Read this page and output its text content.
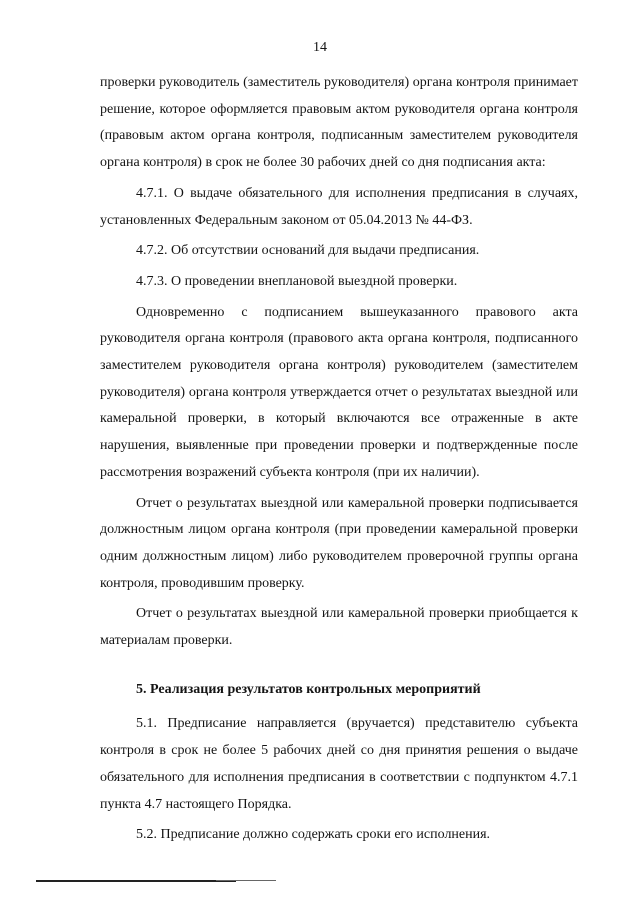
14

проверки руководитель (заместитель руководителя) органа контроля принимает решение, которое оформляется правовым актом руководителя органа контроля (правовым актом органа контроля, подписанным заместителем руководителя органа контроля) в срок не более 30 рабочих дней со дня подписания акта:

4.7.1. О выдаче обязательного для исполнения предписания в случаях, установленных Федеральным законом от 05.04.2013 № 44-ФЗ.

4.7.2. Об отсутствии оснований для выдачи предписания.

4.7.3. О проведении внеплановой выездной проверки.

Одновременно с подписанием вышеуказанного правового акта руководителя органа контроля (правового акта органа контроля, подписанного заместителем руководителя органа контроля) руководителем (заместителем руководителя) органа контроля утверждается отчет о результатах выездной или камеральной проверки, в который включаются все отраженные в акте нарушения, выявленные при проведении проверки и подтвержденные после рассмотрения возражений субъекта контроля (при их наличии).

Отчет о результатах выездной или камеральной проверки подписывается должностным лицом органа контроля (при проведении камеральной проверки одним должностным лицом) либо руководителем проверочной группы органа контроля, проводившим проверку.

Отчет о результатах выездной или камеральной проверки приобщается к материалам проверки.

5. Реализация результатов контрольных мероприятий

5.1. Предписание направляется (вручается) представителю субъекта контроля в срок не более 5 рабочих дней со дня принятия решения о выдаче обязательного для исполнения предписания в соответствии с подпунктом 4.7.1 пункта 4.7 настоящего Порядка.

5.2. Предписание должно содержать сроки его исполнения.
